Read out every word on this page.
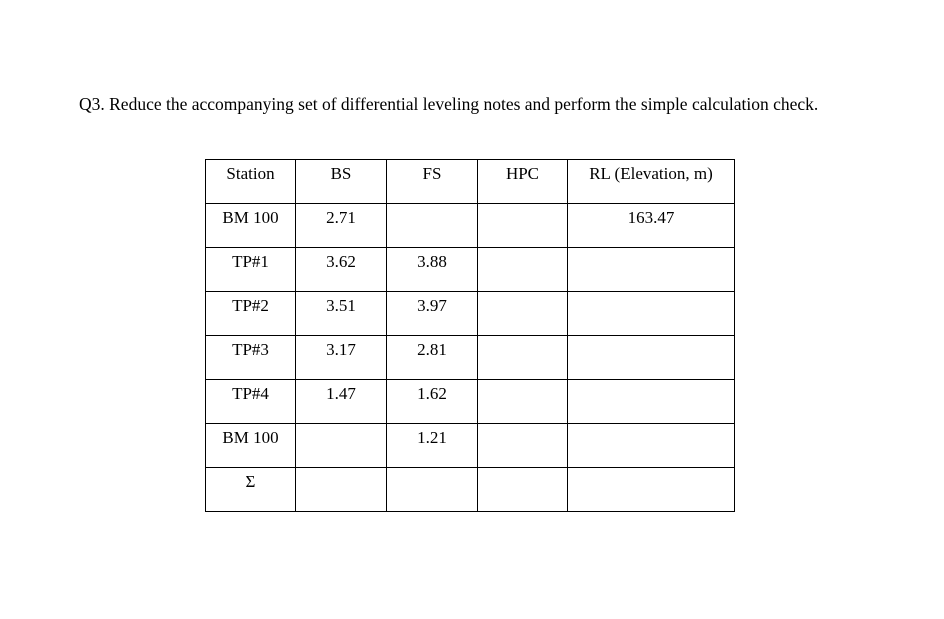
Q3. Reduce the accompanying set of differential leveling notes and perform the simple calculation check.

Station	BS	FS	HPC	RL (Elevation, m)
BM 100	2.71			163.47
TP#1	3.62	3.88		
TP#2	3.51	3.97		
TP#3	3.17	2.81		
TP#4	1.47	1.62		
BM 100		1.21		
Σ				
